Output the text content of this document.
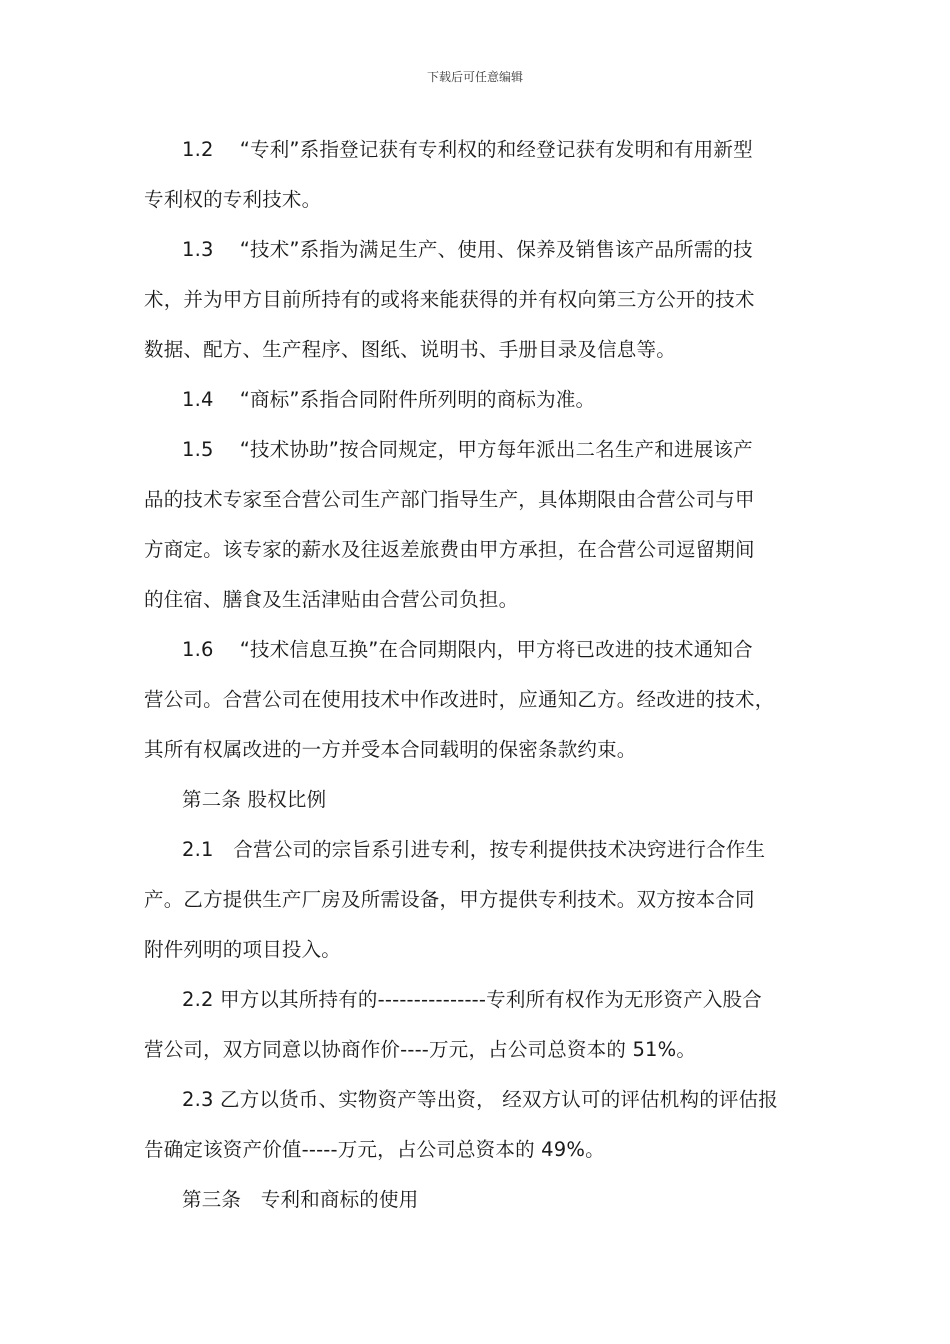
下载后可任意编辑
1.2　 “专利”系指登记获有专利权的和经登记获有发明和有用新型
专利权的专利技术。
1.3　 “技术”系指为满足生产、使用、保养及销售该产品所需的技
术，并为甲方目前所持有的或将来能获得的并有权向第三方公开的技术
数据、配方、生产程序、图纸、说明书、手册目录及信息等。
1.4　 “商标”系指合同附件所列明的商标为准。
1.5　 “技术协助”按合同规定，甲方每年派出二名生产和进展该产
品的技术专家至合营公司生产部门指导生产，具体期限由合营公司与甲
方商定。该专家的薪水及往返差旅费由甲方承担，在合营公司逗留期间
的住宿、膳食及生活津贴由合营公司负担。
1.6　 “技术信息互换”在合同期限内，甲方将已改进的技术通知合
营公司。合营公司在使用技术中作改进时，应通知乙方。经改进的技术，
其所有权属改进的一方并受本合同载明的保密条款约束。
第二条 股权比例
2.1　合营公司的宗旨系引进专利，按专利提供技术决窍进行合作生
产。乙方提供生产厂房及所需设备，甲方提供专利技术。双方按本合同
附件列明的项目投入。
2.2 甲方以其所持有的---------------专利所有权作为无形资产入股合
营公司，双方同意以协商作价----万元，占公司总资本的 51%。
2.3 乙方以货币、实物资产等出资， 经双方认可的评估机构的评估报
告确定该资产价值-----万元，占公司总资本的 49%。
第三条　专利和商标的使用
